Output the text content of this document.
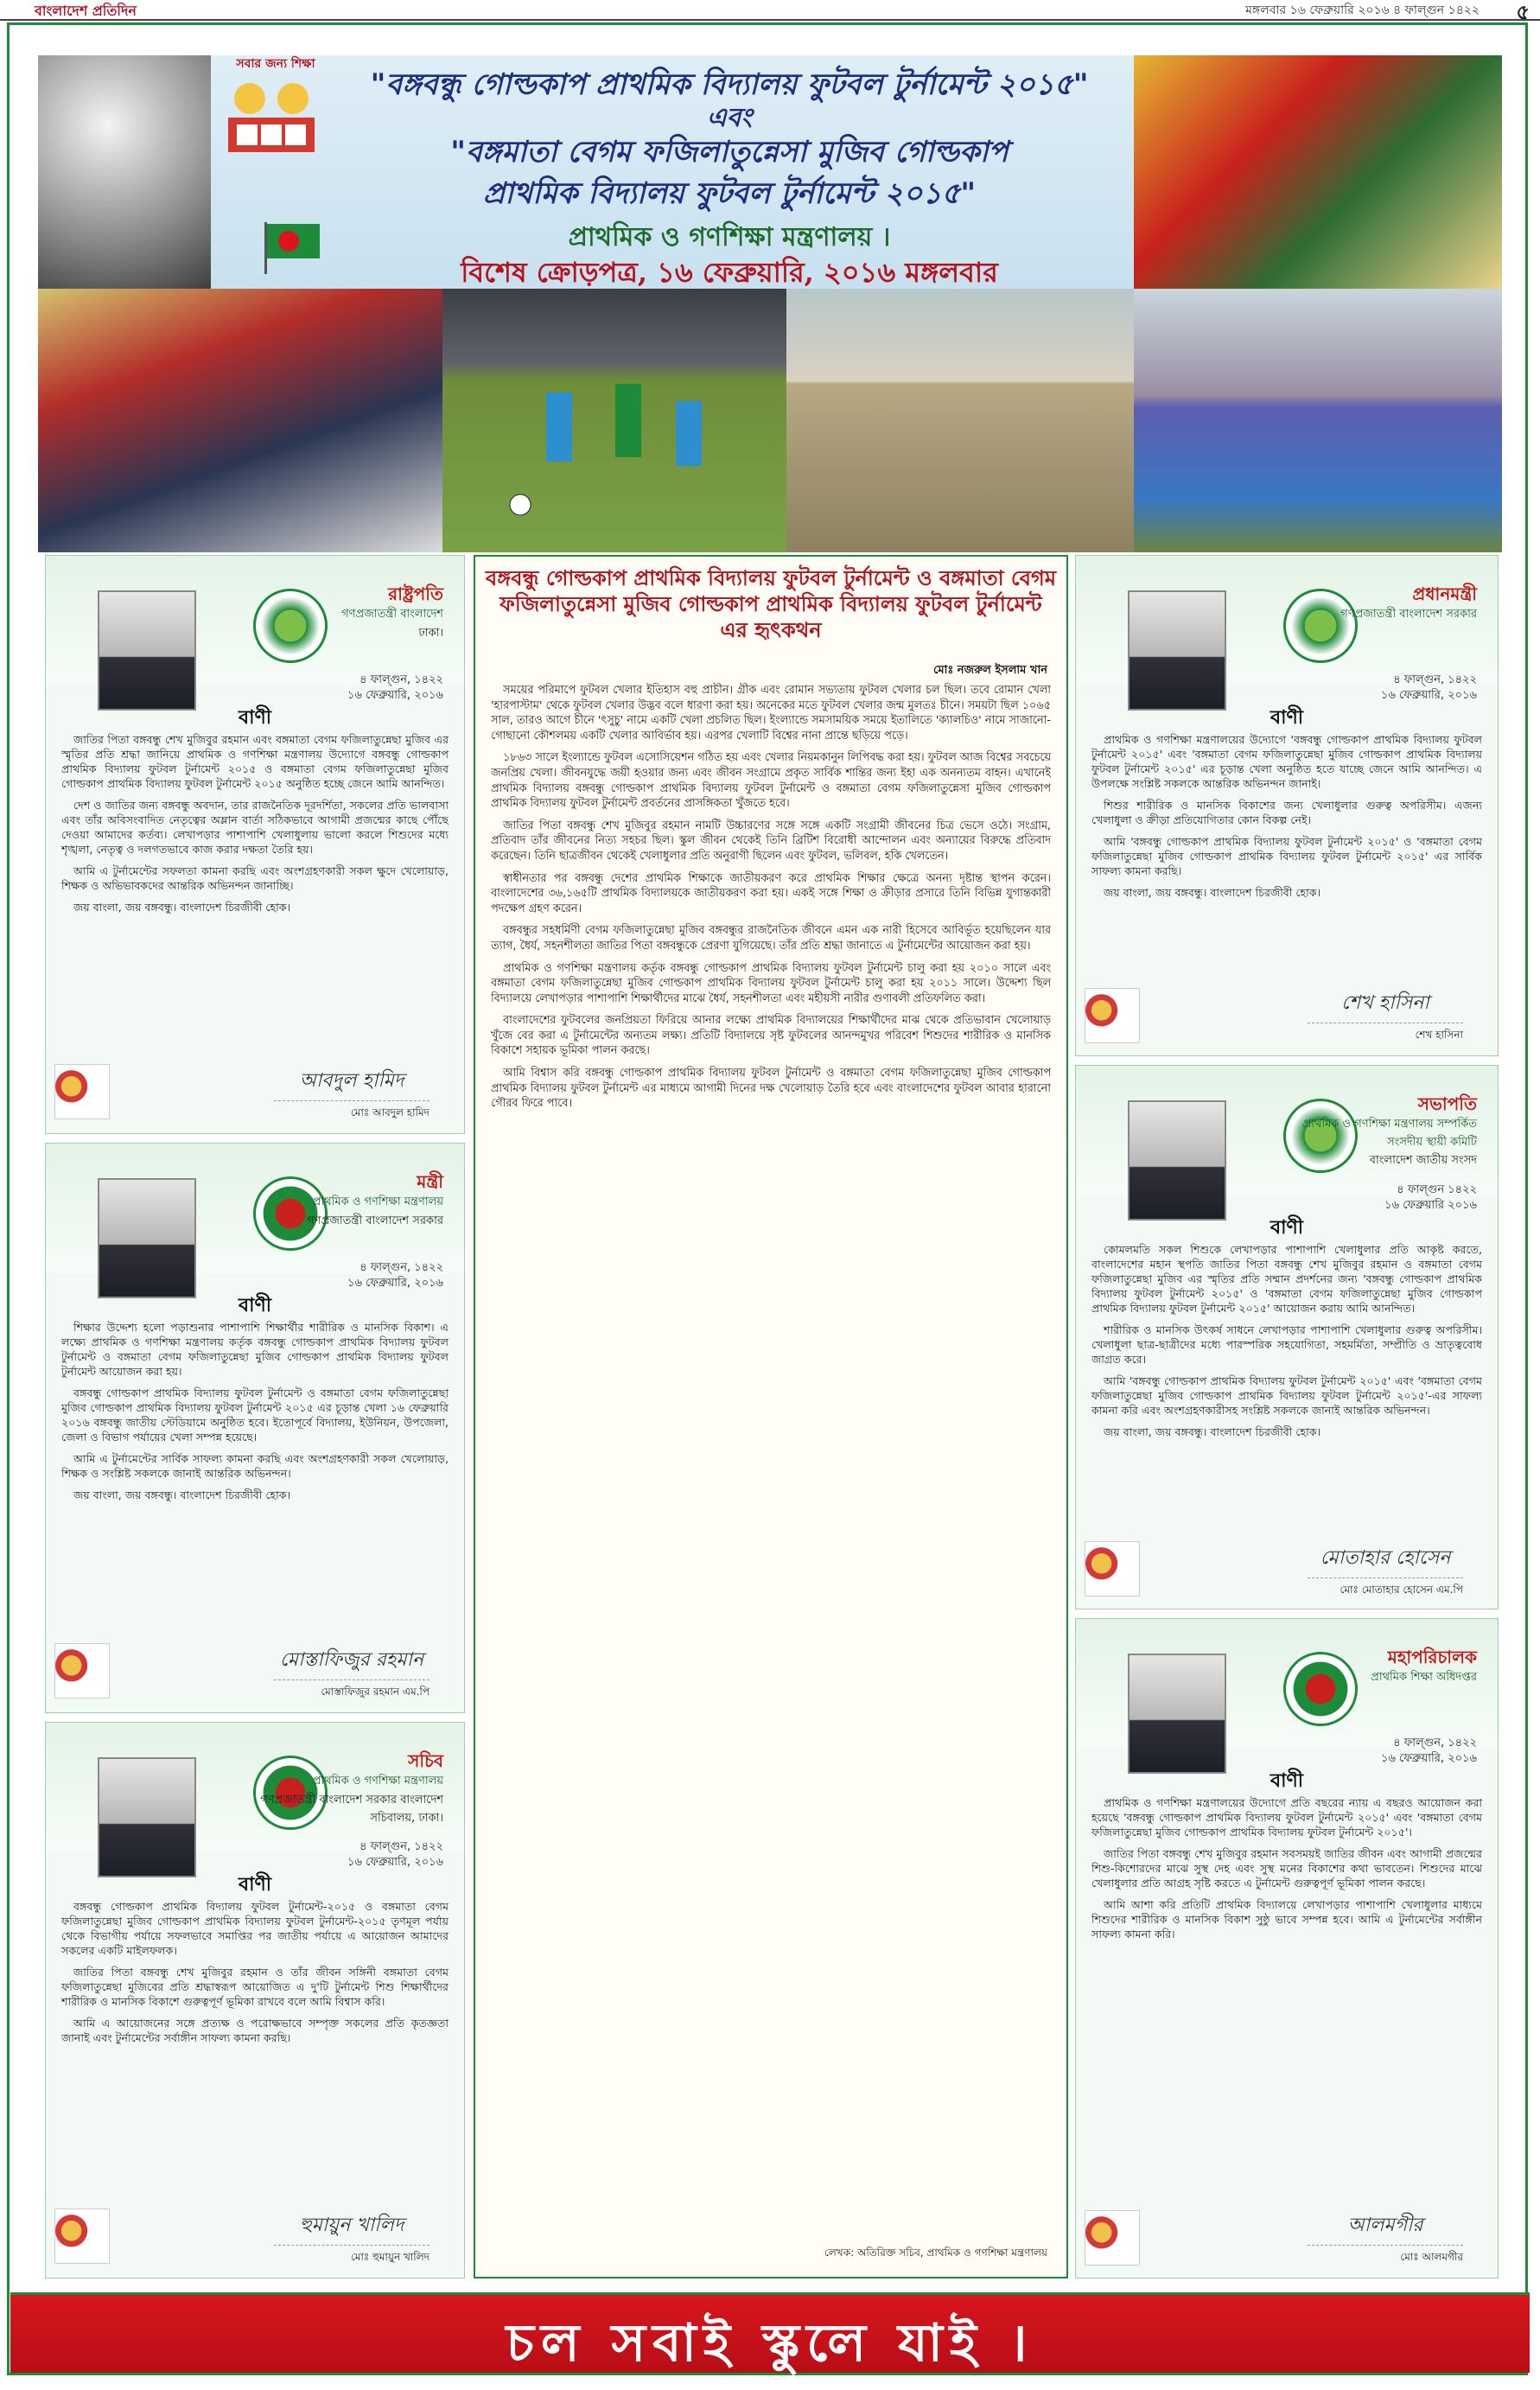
বাংলাদেশ প্রতিদিন	মঙ্গলবার ১৬ ফেব্রুয়ারি ২০১৬ ৪ ফাল্গুন ১৪২২ ৫
সবার জন্য শিক্ষা
"বঙ্গবন্ধু গোল্ডকাপ প্রাথমিক বিদ্যালয় ফুটবল টুর্নামেন্ট ২০১৫"
এবং
"বঙ্গমাতা বেগম ফজিলাতুন্নেসা মুজিব গোল্ডকাপ
প্রাথমিক বিদ্যালয় ফুটবল টুর্নামেন্ট ২০১৫"
প্রাথমিক ও গণশিক্ষা মন্ত্রণালয় ।
বিশেষ ক্রোড়পত্র, ১৬ ফেব্রুয়ারি, ২০১৬ মঙ্গলবার
রাষ্ট্রপতি
গণপ্রজাতন্ত্রী বাংলাদেশ
ঢাকা।
৪ ফাল্গুন, ১৪২২
১৬ ফেব্রুয়ারি, ২০১৬
বাণী

জাতির পিতা বঙ্গবন্ধু শেখ মুজিবুর রহমান এবং বঙ্গমাতা বেগম ফজিলাতুন্নেছা মুজিব এর স্মৃতির প্রতি শ্রদ্ধা জানিয়ে প্রাথমিক ও গণশিক্ষা মন্ত্রণালয় উদ্যোগে বঙ্গবন্ধু গোল্ডকাপ প্রাথমিক বিদ্যালয় ফুটবল টুর্নামেন্ট ২০১৫ ও বঙ্গমাতা বেগম ফজিলাতুন্নেছা মুজিব গোল্ডকাপ প্রাথমিক বিদ্যালয় ফুটবল টুর্নামেন্ট ২০১৫ অনুষ্ঠিত হচ্ছে জেনে আমি আনন্দিত।

দেশ ও জাতির জন্য বঙ্গবন্ধু অবদান, তার রাজনৈতিক দূরদর্শিতা, সকলের প্রতি ভালবাসা এবং তাঁর অবিসংবাদিত নেতৃত্বের অম্লান বার্তা সঠিকভাবে আগামী প্রজন্মের কাছে পৌঁছে দেওয়া আমাদের কর্তব্য। লেখাপড়ার পাশাপাশি খেলাধুলায় ভালো করলে শিশুদের মধ্যে শৃঙ্খলা, নেতৃত্ব ও দলগতভাবে কাজ করার দক্ষতা তৈরি হয়।

আমি এ টুর্নামেন্টের সফলতা কামনা করছি এবং অংশগ্রহণকারী সকল ক্ষুদে খেলোয়াড়, শিক্ষক ও অভিভাবকদের আন্তরিক অভিনন্দন জানাচ্ছি।

জয় বাংলা, জয় বঙ্গবন্ধু। বাংলাদেশ চিরজীবী হোক।

আবদুল হামিদ
মোঃ আবদুল হামিদ
মন্ত্রী
প্রাথমিক ও গণশিক্ষা মন্ত্রণালয়
গণপ্রজাতন্ত্রী বাংলাদেশ সরকার
৪ ফাল্গুন, ১৪২২
১৬ ফেব্রুয়ারি, ২০১৬
বাণী

শিক্ষার উদ্দেশ্য হলো পড়াশুনার পাশাপাশি শিক্ষার্থীর শারীরিক ও মানসিক বিকাশ। এ লক্ষ্যে প্রাথমিক ও গণশিক্ষা মন্ত্রণালয় কর্তৃক বঙ্গবন্ধু গোল্ডকাপ প্রাথমিক বিদ্যালয় ফুটবল টুর্নামেন্ট ও বঙ্গমাতা বেগম ফজিলাতুন্নেছা মুজিব গোল্ডকাপ প্রাথমিক বিদ্যালয় ফুটবল টুর্নামেন্ট আয়োজন করা হয়।

বঙ্গবন্ধু গোল্ডকাপ প্রাথমিক বিদ্যালয় ফুটবল টুর্নামেন্ট ও বঙ্গমাতা বেগম ফজিলাতুন্নেছা মুজিব গোল্ডকাপ প্রাথমিক বিদ্যালয় ফুটবল টুর্নামেন্ট ২০১৫ এর চূড়ান্ত খেলা ১৬ ফেব্রুয়ারি ২০১৬ বঙ্গবন্ধু জাতীয় স্টেডিয়ামে অনুষ্ঠিত হবে। ইতোপূর্বে বিদ্যালয়, ইউনিয়ন, উপজেলা, জেলা ও বিভাগ পর্যায়ের খেলা সম্পন্ন হয়েছে।

আমি এ টুর্নামেন্টের সার্বিক সাফল্য কামনা করছি এবং অংশগ্রহণকারী সকল খেলোয়াড়, শিক্ষক ও সংশ্লিষ্ট সকলকে জানাই আন্তরিক অভিনন্দন।

জয় বাংলা, জয় বঙ্গবন্ধু। বাংলাদেশ চিরজীবী হোক।

মোস্তাফিজুর রহমান
মোস্তাফিজুর রহমান এম.পি
সচিব
প্রাথমিক ও গণশিক্ষা মন্ত্রণালয়
গণপ্রজাতন্ত্রী বাংলাদেশ সরকার বাংলাদেশ সচিবালয়, ঢাকা।
৪ ফাল্গুন, ১৪২২
১৬ ফেব্রুয়ারি, ২০১৬
বাণী

বঙ্গবন্ধু গোল্ডকাপ প্রাথমিক বিদ্যালয় ফুটবল টুর্নামেন্ট-২০১৫ ও বঙ্গমাতা বেগম ফজিলাতুন্নেছা মুজিব গোল্ডকাপ প্রাথমিক বিদ্যালয় ফুটবল টুর্নামেন্ট-২০১৫ তৃণমূল পর্যায় থেকে বিভাগীয় পর্যায়ে সফলভাবে সমাপ্তির পর জাতীয় পর্যায়ে এ আয়োজন আমাদের সকলের একটি মাইলফলক।

জাতির পিতা বঙ্গবন্ধু শেখ মুজিবুর রহমান ও তাঁর জীবন সঙ্গিনী বঙ্গমাতা বেগম ফজিলাতুন্নেছা মুজিবের প্রতি শ্রদ্ধাস্বরূপ আয়োজিত এ দু'টি টুর্নামেন্ট শিশু শিক্ষার্থীদের শারীরিক ও মানসিক বিকাশে গুরুত্বপূর্ণ ভূমিকা রাখবে বলে আমি বিশ্বাস করি।

আমি এ আয়োজনের সঙ্গে প্রত্যক্ষ ও পরোক্ষভাবে সম্পৃক্ত সকলের প্রতি কৃতজ্ঞতা জানাই এবং টুর্নামেন্টের সর্বাঙ্গীন সাফল্য কামনা করছি।

হুমায়ুন খালিদ
মোঃ হুমায়ুন খালিদ
বঙ্গবন্ধু গোল্ডকাপ প্রাথমিক বিদ্যালয় ফুটবল টুর্নামেন্ট ও বঙ্গমাতা বেগম ফজিলাতুন্নেসা মুজিব গোল্ডকাপ প্রাথমিক বিদ্যালয় ফুটবল টুর্নামেন্ট এর হৃৎকথন
মোঃ নজরুল ইসলাম খান

সময়ের পরিমাপে ফুটবল খেলার ইতিহাস বহু প্রাচীন। গ্রীক এবং রোমান সভ্যতায় ফুটবল খেলার চল ছিল। তবে রোমান খেলা 'হারপাস্টাম' থেকে ফুটবল খেলার উদ্ভব বলে ধারণা করা হয়। অনেকের মতে ফুটবল খেলার জন্ম মুলতঃ চীনে। সময়টা ছিল ১০৬৫ সাল, তারও আগে চীনে 'ৎসুচু' নামে একটি খেলা প্রচলিত ছিল। ইংল্যান্ডে সমসাময়িক সময়ে ইতালিতে 'ক্যালচিও' নামে সাজানো-গোছানো কৌশলময় একটি খেলার আবির্ভাব হয়। এরপর খেলাটি বিশ্বের নানা প্রান্তে ছড়িয়ে পড়ে।

১৮৬৩ সালে ইংল্যান্ডে ফুটবল এসোসিয়েশন গঠিত হয় এবং খেলার নিয়মকানুন লিপিবদ্ধ করা হয়। ফুটবল আজ বিশ্বের সবচেয়ে জনপ্রিয় খেলা। জীবনযুদ্ধে জয়ী হওয়ার জন্য এবং জীবন সংগ্রামে প্রকৃত সার্বিক শান্তির জন্য ইহা এক অনন্যতম বাহন। এখানেই প্রাথমিক বিদ্যালয় বঙ্গবন্ধু গোল্ডকাপ প্রাথমিক বিদ্যালয় ফুটবল টুর্নামেন্ট ও বঙ্গমাতা বেগম ফজিলাতুন্নেসা মুজিব গোল্ডকাপ প্রাথমিক বিদ্যালয় ফুটবল টুর্নামেন্ট প্রবর্তনের প্রাসঙ্গিকতা খুঁজতে হবে।

জাতির পিতা বঙ্গবন্ধু শেখ মুজিবুর রহমান নামটি উচ্চারণের সঙ্গে সঙ্গে একটি সংগ্রামী জীবনের চিত্র ভেসে ওঠে। সংগ্রাম, প্রতিবাদ তাঁর জীবনের নিত্য সহচর ছিল। স্কুল জীবন থেকেই তিনি ব্রিটিশ বিরোধী আন্দোলন এবং অন্যায়ের বিরুদ্ধে প্রতিবাদ করেছেন। তিনি ছাত্রজীবন থেকেই খেলাধুলার প্রতি অনুরাগী ছিলেন এবং ফুটবল, ভলিবল, হকি খেলতেন।

স্বাধীনতার পর বঙ্গবন্ধু দেশের প্রাথমিক শিক্ষাকে জাতীয়করণ করে প্রাথমিক শিক্ষার ক্ষেত্রে অনন্য দৃষ্টান্ত স্থাপন করেন। বাংলাদেশের ৩৬,১৬৫টি প্রাথমিক বিদ্যালয়কে জাতীয়করণ করা হয়। একই সঙ্গে শিক্ষা ও ক্রীড়ার প্রসারে তিনি বিভিন্ন যুগান্তকারী পদক্ষেপ গ্রহণ করেন।

বঙ্গবন্ধুর সহধর্মিণী বেগম ফজিলাতুন্নেছা মুজিব বঙ্গবন্ধুর রাজনৈতিক জীবনে এমন এক নারী হিসেবে আবির্ভূত হয়েছিলেন যার ত্যাগ, ধৈর্য, সহনশীলতা জাতির পিতা বঙ্গবন্ধুকে প্রেরণা যুগিয়েছে। তাঁর প্রতি শ্রদ্ধা জানাতে এ টুর্নামেন্টের আয়োজন করা হয়।

প্রাথমিক ও গণশিক্ষা মন্ত্রণালয় কর্তৃক বঙ্গবন্ধু গোল্ডকাপ প্রাথমিক বিদ্যালয় ফুটবল টুর্নামেন্ট চালু করা হয় ২০১০ সালে এবং বঙ্গমাতা বেগম ফজিলাতুন্নেছা মুজিব গোল্ডকাপ প্রাথমিক বিদ্যালয় ফুটবল টুর্নামেন্ট চালু করা হয় ২০১১ সালে। উদ্দেশ্য ছিল বিদ্যালয়ে লেখাপড়ার পাশাপাশি শিক্ষার্থীদের মাঝে ধৈর্য, সহনশীলতা এবং মহীয়সী নারীর গুণাবলী প্রতিফলিত করা।

বাংলাদেশের ফুটবলের জনপ্রিয়তা ফিরিয়ে আনার লক্ষ্যে প্রাথমিক বিদ্যালয়ের শিক্ষার্থীদের মাঝ থেকে প্রতিভাবান খেলোয়াড় খুঁজে বের করা এ টুর্নামেন্টের অন্যতম লক্ষ্য। প্রতিটি বিদ্যালয়ে সৃষ্ট ফুটবলের আনন্দমুখর পরিবেশ শিশুদের শারীরিক ও মানসিক বিকাশে সহায়ক ভূমিকা পালন করছে।

আমি বিশ্বাস করি বঙ্গবন্ধু গোল্ডকাপ প্রাথমিক বিদ্যালয় ফুটবল টুর্নামেন্ট ও বঙ্গমাতা বেগম ফজিলাতুন্নেছা মুজিব গোল্ডকাপ প্রাথমিক বিদ্যালয় ফুটবল টুর্নামেন্ট এর মাধ্যমে আগামী দিনের দক্ষ খেলোয়াড় তৈরি হবে এবং বাংলাদেশের ফুটবল আবার হারানো গৌরব ফিরে পাবে।

লেখক: অতিরিক্ত সচিব, প্রাথমিক ও গণশিক্ষা মন্ত্রণালয়
প্রধানমন্ত্রী
গণপ্রজাতন্ত্রী বাংলাদেশ সরকার
৪ ফাল্গুন, ১৪২২
১৬ ফেব্রুয়ারি, ২০১৬
বাণী

প্রাথমিক ও গণশিক্ষা মন্ত্রণালয়ের উদ্যোগে 'বঙ্গবন্ধু গোল্ডকাপ প্রাথমিক বিদ্যালয় ফুটবল টুর্নামেন্ট ২০১৫' এবং 'বঙ্গমাতা বেগম ফজিলাতুন্নেছা মুজিব গোল্ডকাপ প্রাথমিক বিদ্যালয় ফুটবল টুর্নামেন্ট ২০১৫' এর চূড়ান্ত খেলা অনুষ্ঠিত হতে যাচ্ছে জেনে আমি আনন্দিত। এ উপলক্ষে সংশ্লিষ্ট সকলকে আন্তরিক অভিনন্দন জানাই।

শিশুর শারীরিক ও মানসিক বিকাশের জন্য খেলাধুলার গুরুত্ব অপরিসীম। এজন্য খেলাধুলা ও ক্রীড়া প্রতিযোগিতার কোন বিকল্প নেই।

আমি 'বঙ্গবন্ধু গোল্ডকাপ প্রাথমিক বিদ্যালয় ফুটবল টুর্নামেন্ট ২০১৫' ও 'বঙ্গমাতা বেগম ফজিলাতুন্নেছা মুজিব গোল্ডকাপ প্রাথমিক বিদ্যালয় ফুটবল টুর্নামেন্ট ২০১৫' এর সার্বিক সাফল্য কামনা করছি।

জয় বাংলা, জয় বঙ্গবন্ধু। বাংলাদেশ চিরজীবী হোক।

শেখ হাসিনা
শেখ হাসিনা
সভাপতি
প্রাথমিক ও গণশিক্ষা মন্ত্রণালয় সম্পর্কিত সংসদীয় স্থায়ী কমিটি
বাংলাদেশ জাতীয় সংসদ
৪ ফাল্গুন ১৪২২
১৬ ফেব্রুয়ারি ২০১৬
বাণী

কোমলমতি সকল শিশুকে লেখাপড়ার পাশাপাশি খেলাধুলার প্রতি আকৃষ্ট করতে, বাংলাদেশের মহান স্থপতি জাতির পিতা বঙ্গবন্ধু শেখ মুজিবুর রহমান ও বঙ্গমাতা বেগম ফজিলাতুন্নেছা মুজিব এর স্মৃতির প্রতি সম্মান প্রদর্শনের জন্য 'বঙ্গবন্ধু গোল্ডকাপ প্রাথমিক বিদ্যালয় ফুটবল টুর্নামেন্ট ২০১৫' ও 'বঙ্গমাতা বেগম ফজিলাতুন্নেছা মুজিব গোল্ডকাপ প্রাথমিক বিদ্যালয় ফুটবল টুর্নামেন্ট ২০১৫' আয়োজন করায় আমি আনন্দিত।

শারীরিক ও মানসিক উৎকর্ষ সাধনে লেখাপড়ার পাশাপাশি খেলাধুলার গুরুত্ব অপরিসীম। খেলাধুলা ছাত্র-ছাত্রীদের মধ্যে পারস্পরিক সহযোগিতা, সহমর্মিতা, সম্প্রীতি ও ভ্রাতৃত্ববোধ জাগ্রত করে।

আমি 'বঙ্গবন্ধু গোল্ডকাপ প্রাথমিক বিদ্যালয় ফুটবল টুর্নামেন্ট ২০১৫' এবং 'বঙ্গমাতা বেগম ফজিলাতুন্নেছা মুজিব গোল্ডকাপ প্রাথমিক বিদ্যালয় ফুটবল টুর্নামেন্ট ২০১৫'-এর সাফল্য কামনা করি এবং অংশগ্রহণকারীসহ সংশ্লিষ্ট সকলকে জানাই আন্তরিক অভিনন্দন।

জয় বাংলা, জয় বঙ্গবন্ধু। বাংলাদেশ চিরজীবী হোক।

মোতাহার হোসেন
মোঃ মোতাহার হোসেন এম.পি
মহাপরিচালক
প্রাথমিক শিক্ষা অধিদপ্তর
৪ ফাল্গুন, ১৪২২
১৬ ফেব্রুয়ারি, ২০১৬
বাণী

প্রাথমিক ও গণশিক্ষা মন্ত্রণালয়ের উদ্যোগে প্রতি বছরের ন্যায় এ বছরও আয়োজন করা হয়েছে 'বঙ্গবন্ধু গোল্ডকাপ প্রাথমিক বিদ্যালয় ফুটবল টুর্নামেন্ট ২০১৫' এবং 'বঙ্গমাতা বেগম ফজিলাতুন্নেছা মুজিব গোল্ডকাপ প্রাথমিক বিদ্যালয় ফুটবল টুর্নামেন্ট ২০১৫'।

জাতির পিতা বঙ্গবন্ধু শেখ মুজিবুর রহমান সবসময়ই জাতির জীবন এবং আগামী প্রজন্মের শিশু-কিশোরদের মাঝে সুস্থ দেহ এবং সুস্থ মনের বিকাশের কথা ভাবতেন। শিশুদের মাঝে খেলাধুলার প্রতি আগ্রহ সৃষ্টি করতে এ টুর্নামেন্ট গুরুত্বপূর্ণ ভূমিকা পালন করছে।

আমি আশা করি প্রতিটি প্রাথমিক বিদ্যালয়ে লেখাপড়ার পাশাপাশি খেলাধুলার মাধ্যমে শিশুদের শারীরিক ও মানসিক বিকাশ সুষ্ঠু ভাবে সম্পন্ন হবে। আমি এ টুর্নামেন্টের সর্বাঙ্গীন সাফল্য কামনা করি।

আলমগীর
মোঃ আলমগীর
চল সবাই স্কুলে যাই ।
